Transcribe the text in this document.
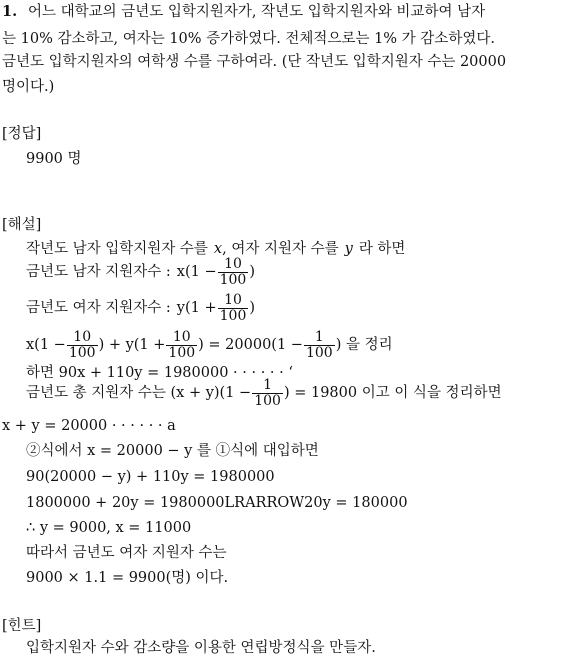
1. 어느 대학교의 금년도 입학지원자가, 작년도 입학지원자와 비교하여 남자
는 10% 감소하고, 여자는 10% 증가하였다. 전체적으로는 1% 가 감소하였다.
금년도 입학지원자의 여학생 수를 구하여라. (단 작년도 입학지원자 수는 20000
명이다.)
[정답]
9900 명
[해설]
작년도 남자 입학지원자 수를 x, 여자 지원자 수를 y 라 하면
금년도 남자 지원자수 : $x(1 - \frac{10}{100}$ )
금년도 여자 지원자수 : $y(1 + \frac{10}{100}$ )
$x(1 - \frac{10}{100}$ ) + $y(1 + \frac{10}{100}$ ) = $20000(1 - \frac{1}{100}$ ) 을 정리
하면 90x + 110y = 1980000 · · · · · · ‘
금년도 총 지원자 수는 $(x + y)(1 - \frac{1}{100}$ ) = 19800 이고 이 식을 정리하면
x + y = 20000 · · · · · · a
②식에서 x = 20000 − y 를 ①식에 대입하면
90(20000 − y) + 110y = 1980000
1800000 + 20y = 1980000LRARROW20y = 180000
∴ y = 9000, x = 11000
따라서 금년도 여자 지원자 수는
9000 × 1.1 = 9900(명) 이다.
[힌트]
입학지원자 수와 감소량을 이용한 연립방정식을 만들자.
